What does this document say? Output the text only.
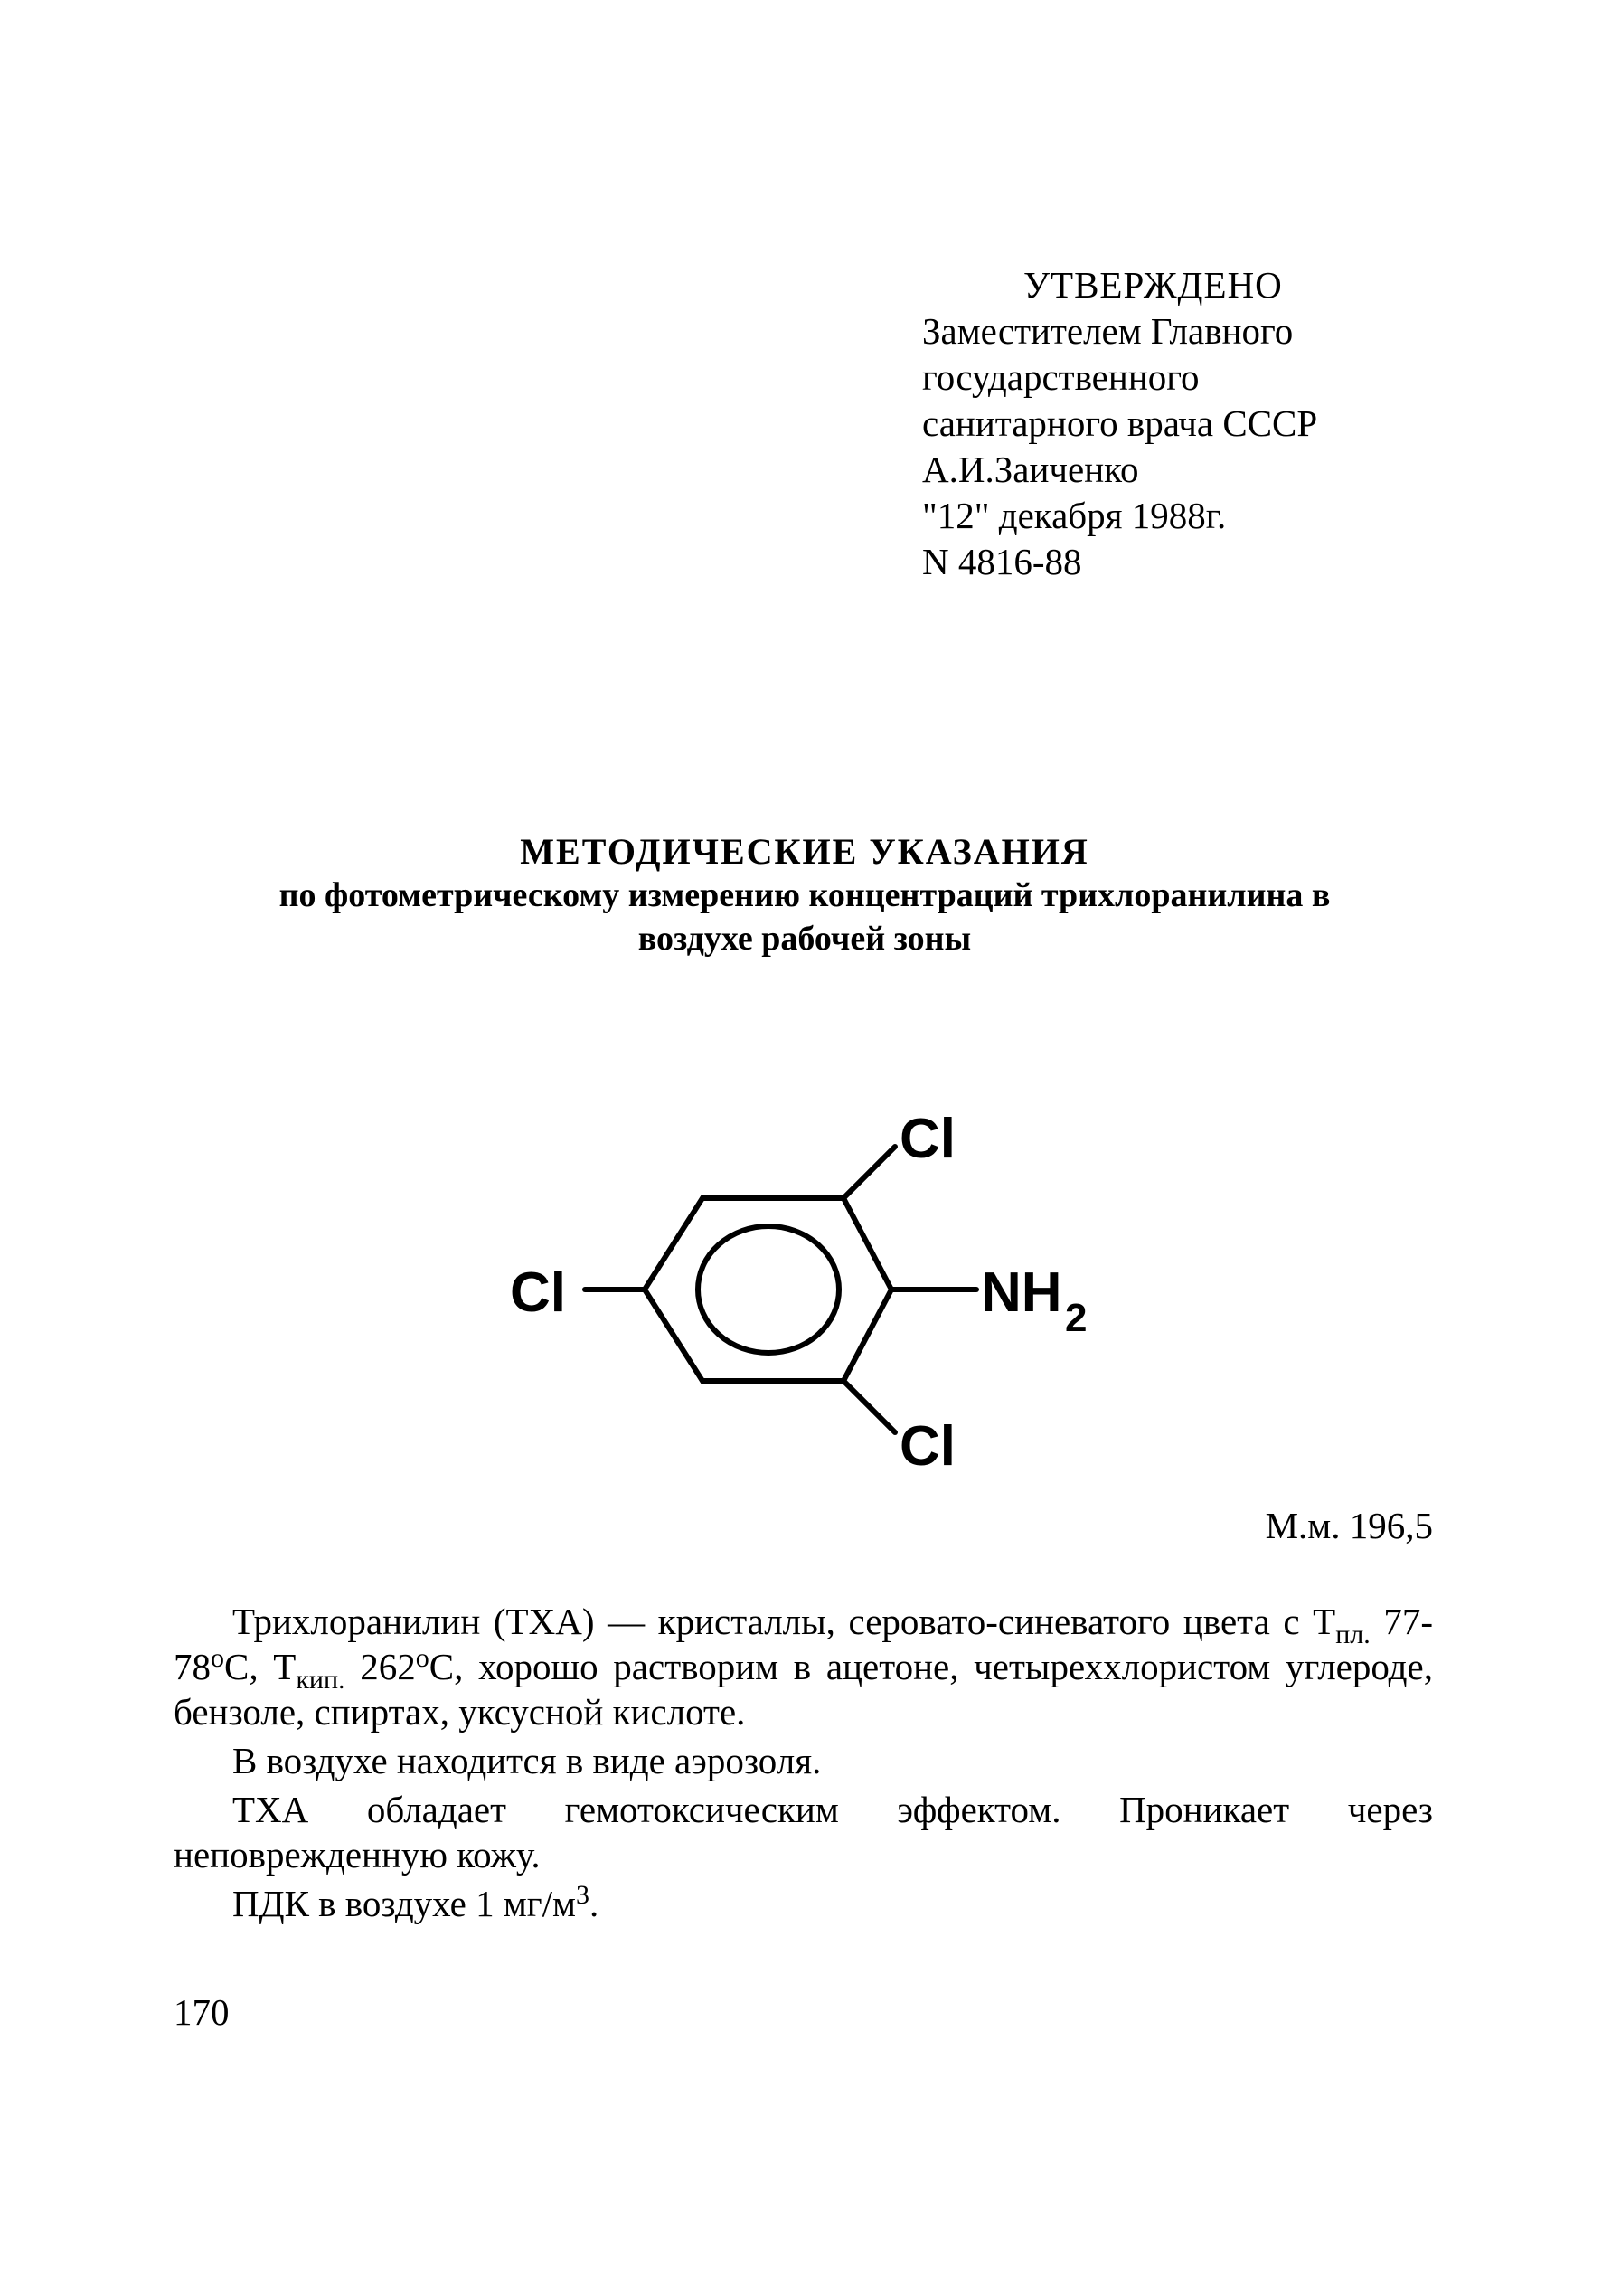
УТВЕРЖДЕНО
Заместителем Главного
государственного
санитарного врача СССР
А.И.Заиченко
"12" декабря 1988г.
N 4816-88
МЕТОДИЧЕСКИЕ УКАЗАНИЯ
по фотометрическому измерению концентраций трихлоранилина в
воздухе рабочей зоны
Cl
Cl	NH 2
Cl
М.м. 196,5

Трихлоранилин (ТХА) — кристаллы, серовато-синеватого цвета с $Т_{пл.}$ 77-78$^o$С, $Т_{кип.}$ 262$^o$С, хорошо растворим в ацетоне, четыреххлористом углероде, бензоле, спиртах, уксусной кислоте.

В воздухе находится в виде аэрозоля.

ТХА обладает гемотоксическим эффектом. Проникает через неповрежденную кожу.

ПДК в воздухе 1 $мг/м^3$.

170
